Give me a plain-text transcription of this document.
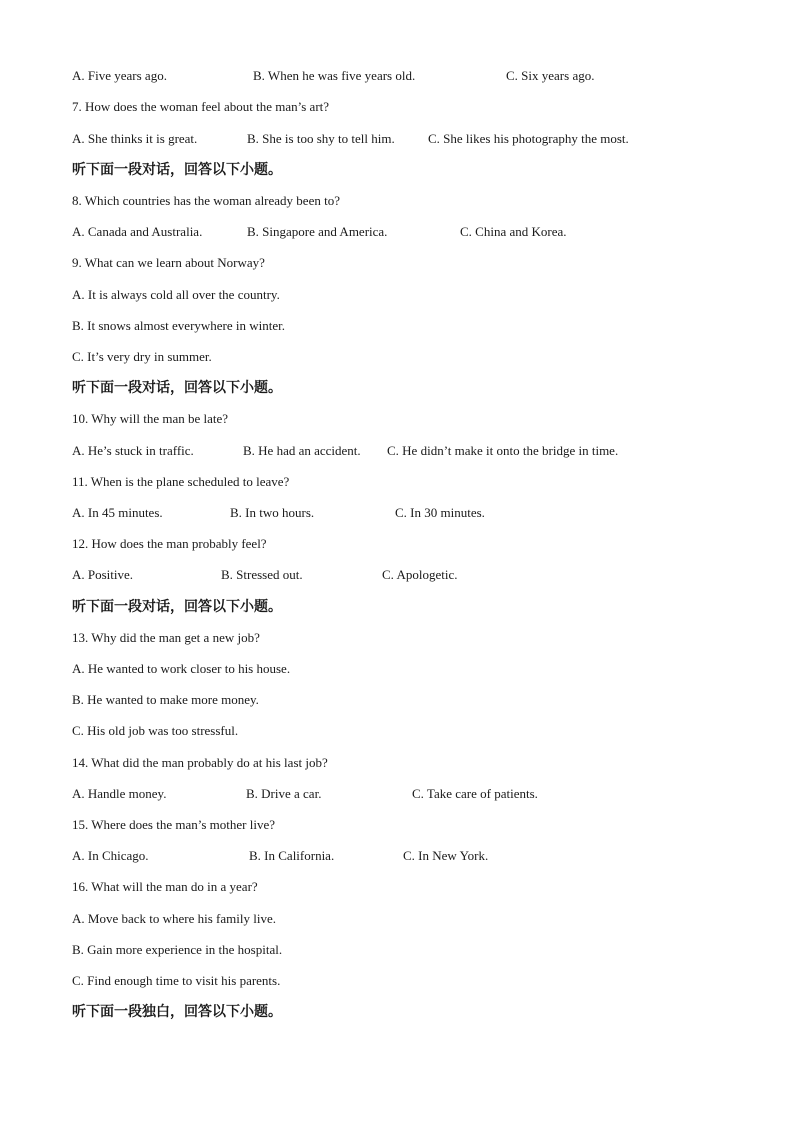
A. Five years ago.	B. When he was five years old.	C. Six years ago.
7. How does the woman feel about the man’s art?
A. She thinks it is great.	B. She is too shy to tell him.	C. She likes his photography the most.
听下面一段对话，回答以下小题。
8. Which countries has the woman already been to?
A. Canada and Australia.	B. Singapore and America.	C. China and Korea.
9. What can we learn about Norway?
A. It is always cold all over the country.
B. It snows almost everywhere in winter.
C. It’s very dry in summer.
听下面一段对话，回答以下小题。
10. Why will the man be late?
A. He’s stuck in traffic.	B. He had an accident. C. He didn’t make it onto the bridge in time.
11. When is the plane scheduled to leave?
A. In 45 minutes.	B. In two hours.	C. In 30 minutes.
12. How does the man probably feel?
A. Positive.	B. Stressed out.	C. Apologetic.
听下面一段对话，回答以下小题。
13. Why did the man get a new job?
A. He wanted to work closer to his house.
B. He wanted to make more money.
C. His old job was too stressful.
14. What did the man probably do at his last job?
A. Handle money.	B. Drive a car.	C. Take care of patients.
15. Where does the man’s mother live?
A. In Chicago.	B. In California.	C. In New York.
16. What will the man do in a year?
A. Move back to where his family live.
B. Gain more experience in the hospital.
C. Find enough time to visit his parents.
听下面一段独白，回答以下小题。
